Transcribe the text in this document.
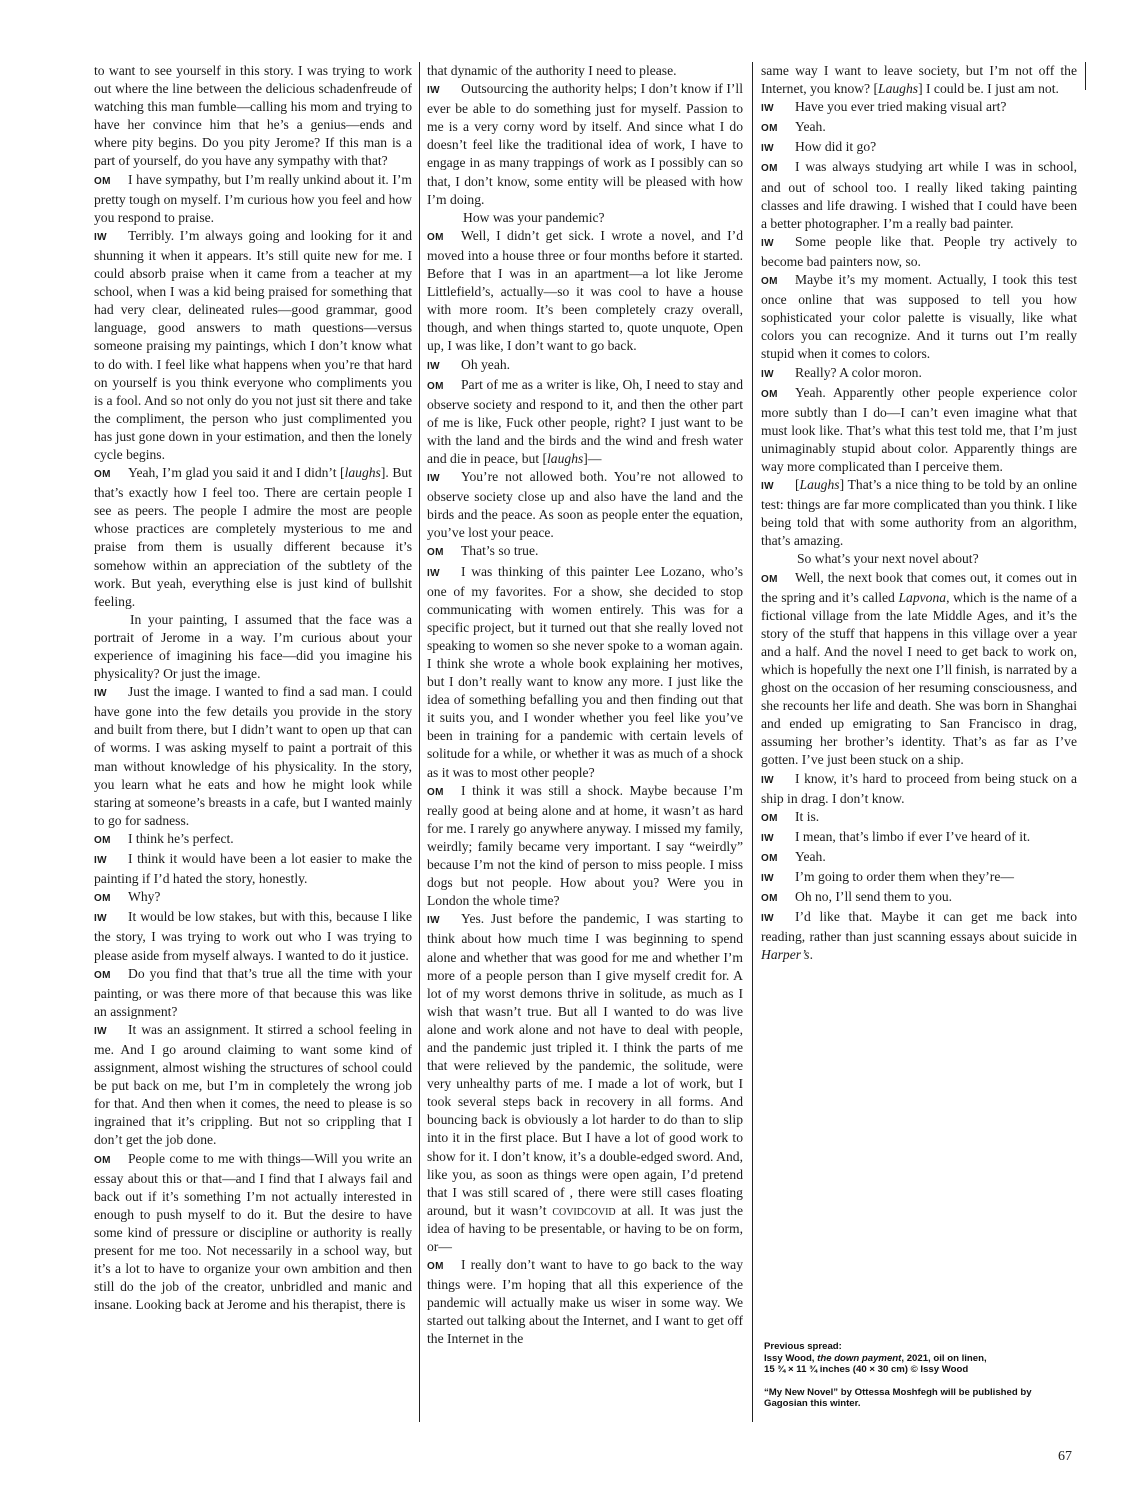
to want to see yourself in this story. I was trying to work out where the line between the delicious schadenfreude of watching this man fumble—calling his mom and trying to have her convince him that he’s a genius—ends and where pity begins. Do you pity Jerome? If this man is a part of yourself, do you have any sympathy with that?

OM I have sympathy, but I’m really unkind about it. I’m pretty tough on myself. I’m curious how you feel and how you respond to praise.

IW Terribly. I’m always going and looking for it and shunning it when it appears. It’s still quite new for me. I could absorb praise when it came from a teacher at my school, when I was a kid being praised for something that had very clear, delineated rules—good grammar, good language, good answers to math questions—versus someone praising my paintings, which I don’t know what to do with. I feel like what happens when you’re that hard on yourself is you think everyone who compliments you is a fool. And so not only do you not just sit there and take the compliment, the person who just complimented you has just gone down in your estimation, and then the lonely cycle begins.

OM Yeah, I’m glad you said it and I didn’t [laughs]. But that’s exactly how I feel too. There are certain people I see as peers. The people I admire the most are people whose practices are completely mysterious to me and praise from them is usually different because it’s somehow within an appreciation of the subtlety of the work. But yeah, everything else is just kind of bullshit feeling.

In your painting, I assumed that the face was a portrait of Jerome in a way. I’m curious about your experience of imagining his face—did you imagine his physicality? Or just the image.

IW Just the image. I wanted to find a sad man. I could have gone into the few details you provide in the story and built from there, but I didn’t want to open up that can of worms. I was asking myself to paint a portrait of this man without knowledge of his physicality. In the story, you learn what he eats and how he might look while staring at someone’s breasts in a cafe, but I wanted mainly to go for sadness.

OM I think he’s perfect.

IW I think it would have been a lot easier to make the painting if I’d hated the story, honestly.

OM Why?

IW It would be low stakes, but with this, because I like the story, I was trying to work out who I was trying to please aside from myself always. I wanted to do it justice.

OM Do you find that that’s true all the time with your painting, or was there more of that because this was like an assignment?

IW It was an assignment. It stirred a school feeling in me. And I go around claiming to want some kind of assignment, almost wishing the structures of school could be put back on me, but I’m in completely the wrong job for that. And then when it comes, the need to please is so ingrained that it’s crippling. But not so crippling that I don’t get the job done.

OM People come to me with things—Will you write an essay about this or that—and I find that I always fail and back out if it’s something I’m not actually interested in enough to push myself to do it. But the desire to have some kind of pressure or discipline or authority is really present for me too. Not necessarily in a school way, but it’s a lot to have to organize your own ambition and then still do the job of the creator, unbridled and manic and insane. Looking back at Jerome and his therapist, there is

that dynamic of the authority I need to please.

IW Outsourcing the authority helps; I don’t know if I’ll ever be able to do something just for myself. Passion to me is a very corny word by itself. And since what I do doesn’t feel like the traditional idea of work, I have to engage in as many trappings of work as I possibly can so that, I don’t know, some entity will be pleased with how I’m doing.

How was your pandemic?

OM Well, I didn’t get sick. I wrote a novel, and I’d moved into a house three or four months before it started. Before that I was in an apartment—a lot like Jerome Littlefield’s, actually—so it was cool to have a house with more room. It’s been completely crazy overall, though, and when things started to, quote unquote, Open up, I was like, I don’t want to go back.

IW Oh yeah.

OM Part of me as a writer is like, Oh, I need to stay and observe society and respond to it, and then the other part of me is like, Fuck other people, right? I just want to be with the land and the birds and the wind and fresh water and die in peace, but [laughs]—

IW You’re not allowed both. You’re not allowed to observe society close up and also have the land and the birds and the peace. As soon as people enter the equation, you’ve lost your peace.

OM That’s so true.

IW I was thinking of this painter Lee Lozano, who’s one of my favorites. For a show, she decided to stop communicating with women entirely. This was for a specific project, but it turned out that she really loved not speaking to women so she never spoke to a woman again. I think she wrote a whole book explaining her motives, but I don’t really want to know any more. I just like the idea of something befalling you and then finding out that it suits you, and I wonder whether you feel like you’ve been in training for a pandemic with certain levels of solitude for a while, or whether it was as much of a shock as it was to most other people?

OM I think it was still a shock. Maybe because I’m really good at being alone and at home, it wasn’t as hard for me. I rarely go anywhere anyway. I missed my family, weirdly; family became very important. I say “weirdly” because I’m not the kind of person to miss people. I miss dogs but not people. How about you? Were you in London the whole time?

IW Yes. Just before the pandemic, I was starting to think about how much time I was beginning to spend alone and whether that was good for me and whether I’m more of a people person than I give myself credit for. A lot of my worst demons thrive in solitude, as much as I wish that wasn’t true. But all I wanted to do was live alone and work alone and not have to deal with people, and the pandemic just tripled it. I think the parts of me that were relieved by the pandemic, the solitude, were very unhealthy parts of me. I made a lot of work, but I took several steps back in recovery in all forms. And bouncing back is obviously a lot harder to do than to slip into it in the first place. But I have a lot of good work to show for it. I don’t know, it’s a double-edged sword. And, like you, as soon as things were open again, I’d pretend that I was still scared of , there were still cases floating around, but it wasn’t covidcovid at all. It was just the idea of having to be presentable, or having to be on form, or—

OM I really don’t want to have to go back to the way things were. I’m hoping that all this experience of the pandemic will actually make us wiser in some way. We started out talking about the Internet, and I want to get off the Internet in the

same way I want to leave society, but I’m not off the Internet, you know? [Laughs] I could be. I just am not.

IW Have you ever tried making visual art?

OM Yeah.

IW How did it go?

OM I was always studying art while I was in school, and out of school too. I really liked taking painting classes and life drawing. I wished that I could have been a better photographer. I’m a really bad painter.

IW Some people like that. People try actively to become bad painters now, so.

OM Maybe it’s my moment. Actually, I took this test once online that was supposed to tell you how sophisticated your color palette is visually, like what colors you can recognize. And it turns out I’m really stupid when it comes to colors.

IW Really? A color moron.

OM Yeah. Apparently other people experience color more subtly than I do—I can’t even imagine what that must look like. That’s what this test told me, that I’m just unimaginably stupid about color. Apparently things are way more complicated than I perceive them.

IW [Laughs] That’s a nice thing to be told by an online test: things are far more complicated than you think. I like being told that with some authority from an algorithm, that’s amazing.

So what’s your next novel about?

OM Well, the next book that comes out, it comes out in the spring and it’s called Lapvona, which is the name of a fictional village from the late Middle Ages, and it’s the story of the stuff that happens in this village over a year and a half. And the novel I need to get back to work on, which is hopefully the next one I’ll finish, is narrated by a ghost on the occasion of her resuming consciousness, and she recounts her life and death. She was born in Shanghai and ended up emigrating to San Francisco in drag, assuming her brother’s identity. That’s as far as I’ve gotten. I’ve just been stuck on a ship.

IW I know, it’s hard to proceed from being stuck on a ship in drag. I don’t know.

OM It is.

IW I mean, that’s limbo if ever I’ve heard of it.

OM Yeah.

IW I’m going to order them when they’re—

OM Oh no, I’ll send them to you.

IW I’d like that. Maybe it can get me back into reading, rather than just scanning essays about suicide in Harper’s.

Previous spread:

Issy Wood, the down payment, 2021, oil on linen,

15 ¾ × 11 ¾ inches (40 × 30 cm) © Issy Wood

“My New Novel” by Ottessa Moshfegh will be published by Gagosian this winter.

67
